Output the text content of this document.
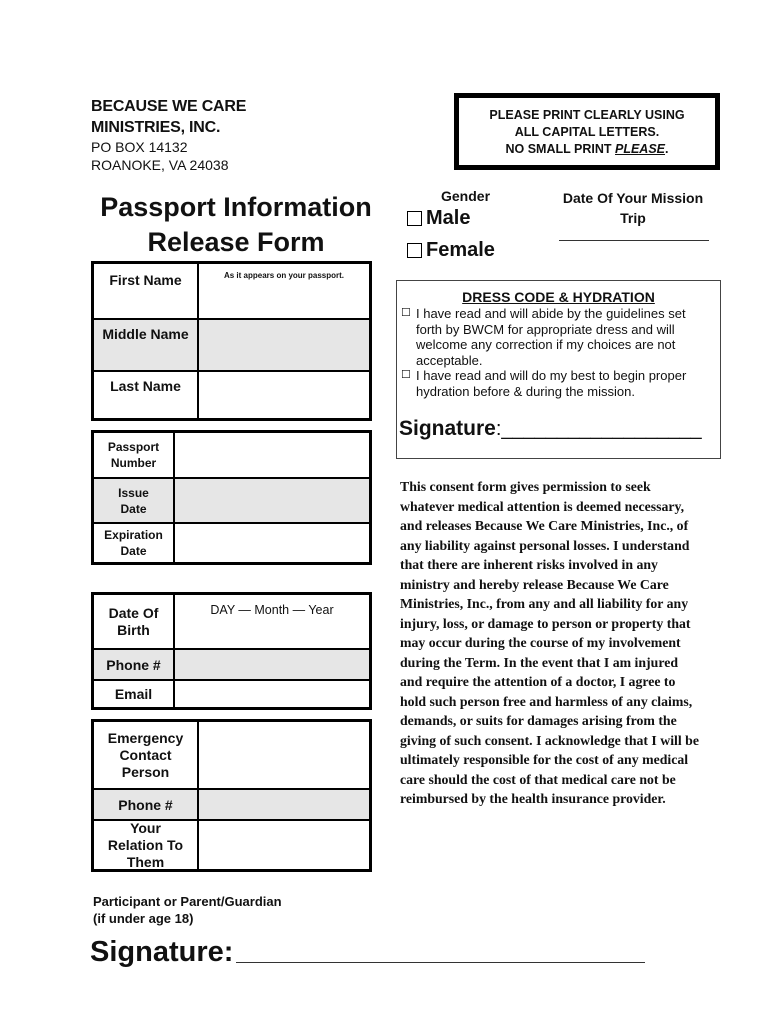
BECAUSE WE CARE
MINISTRIES, INC.
PO BOX 14132
ROANOKE, VA 24038
PLEASE PRINT CLEARLY USING
ALL CAPITAL LETTERS.
NO SMALL PRINT PLEASE.
Passport Information
Release Form
Gender
Male
Female
Date Of Your Mission Trip
First Name	As it appears on your passport.
Middle Name
Last Name
Passport Number
Issue Date
Expiration Date
Date Of Birth
DAY — Month — Year
Phone #
Email
Emergency Contact Person
Phone #
Your Relation To Them
DRESS CODE & HYDRATION
☐ I have read and will abide by the guidelines set forth by BWCM for appropriate dress and will welcome any correction if my choices are not acceptable.
☐ I have read and will do my best to begin proper hydration before & during the mission.
Signature:__________________
This consent form gives permission to seek whatever medical attention is deemed necessary, and releases Because We Care Ministries, Inc., of any liability against personal losses. I understand that there are inherent risks involved in any ministry and hereby release Because We Care Ministries, Inc., from any and all liability for any injury, loss, or damage to person or property that may occur during the course of my involvement during the Term. In the event that I am injured and require the attention of a doctor, I agree to hold such person free and harmless of any claims, demands, or suits for damages arising from the giving of such consent. I acknowledge that I will be ultimately responsible for the cost of any medical care should the cost of that medical care not be reimbursed by the health insurance provider.
Participant or Parent/Guardian
(if under age 18)
Signature:
